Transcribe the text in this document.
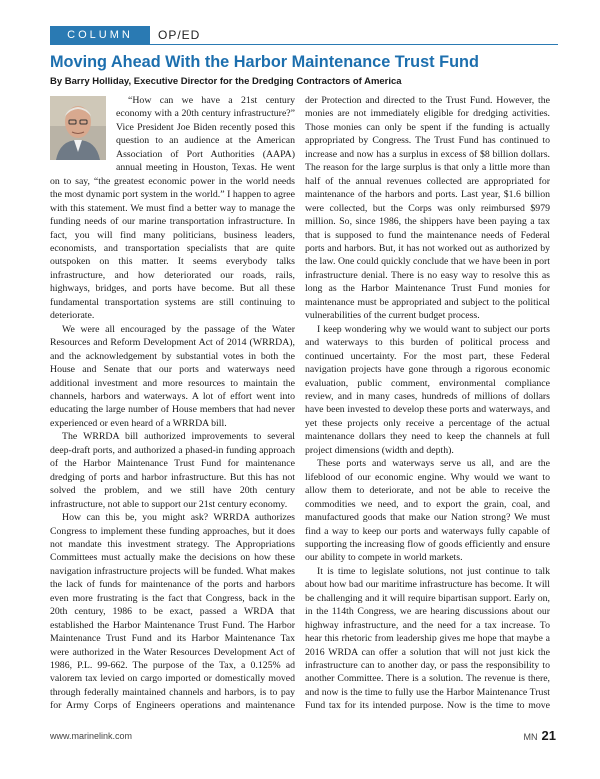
COLUMN	OP/ED
Moving Ahead With the Harbor Maintenance Trust Fund
By Barry Holliday, Executive Director for the Dredging Contractors of America

“How can we have a 21st century economy with a 20th century infrastructure?” Vice President Joe Biden recently posed this question to an audience at the American Association of Port Authorities (AAPA) annual meeting in Houston, Texas. He went on to say, “the greatest economic power in the world needs the most dynamic port system in the world.” I happen to agree with this statement. We must find a better way to manage the funding needs of our marine transportation infrastructure. In fact, you will find many politicians, business leaders, economists, and transportation specialists that are quite outspoken on this matter. It seems everybody talks infrastructure, and how deteriorated our roads, rails, highways, bridges, and ports have become. But all these fundamental transportation systems are still continuing to deteriorate.

We were all encouraged by the passage of the Water Resources and Reform Development Act of 2014 (WRRDA), and the acknowledgement by substantial votes in both the House and Senate that our ports and waterways need additional investment and more resources to maintain the channels, harbors and waterways. A lot of effort went into educating the large number of House members that had never experienced or even heard of a WRRDA bill.

The WRRDA bill authorized improvements to several deep-draft ports, and authorized a phased-in funding approach of the Harbor Maintenance Trust Fund for maintenance dredging of ports and harbor infrastructure. But this has not solved the problem, and we still have 20th century infrastructure, not able to support our 21st century economy.

How can this be, you might ask? WRRDA authorizes Congress to implement these funding approaches, but it does not mandate this investment strategy. The Appropriations Committees must actually make the decisions on how these navigation infrastructure projects will be funded. What makes the lack of funds for maintenance of the ports and harbors even more frustrating is the fact that Congress, back in the 20th century, 1986 to be exact, passed a WRDA that established the Harbor Maintenance Trust Fund. The Harbor Maintenance Trust Fund and its Harbor Maintenance Tax were authorized in the Water Resources Development Act of 1986, P.L. 99-662. The purpose of the Tax, a 0.125% ad valorem tax levied on cargo imported or domestically moved through federally maintained channels and harbors, is to pay for Army Corps of Engineers operations and maintenance

der Protection and directed to the Trust Fund. However, the monies are not immediately eligible for dredging activities. Those monies can only be spent if the funding is actually appropriated by Congress. The Trust Fund has continued to increase and now has a surplus in excess of $8 billion dollars. The reason for the large surplus is that only a little more than half of the annual revenues collected are appropriated for maintenance of the harbors and ports. Last year, $1.6 billion were collected, but the Corps was only reimbursed $979 million. So, since 1986, the shippers have been paying a tax that is supposed to fund the maintenance needs of Federal ports and harbors. But, it has not worked out as authorized by the law. One could quickly conclude that we have been in port infrastructure denial. There is no easy way to resolve this as long as the Harbor Maintenance Trust Fund monies for maintenance must be appropriated and subject to the political vulnerabilities of the current budget process.

I keep wondering why we would want to subject our ports and waterways to this burden of political process and continued uncertainty. For the most part, these Federal navigation projects have gone through a rigorous economic evaluation, public comment, environmental compliance review, and in many cases, hundreds of millions of dollars have been invested to develop these ports and waterways, and yet these projects only receive a percentage of the actual maintenance dollars they need to keep the channels at full project dimensions (width and depth).

These ports and waterways serve us all, and are the lifeblood of our economic engine. Why would we want to allow them to deteriorate, and not be able to receive the commodities we need, and to export the grain, coal, and manufactured goods that make our Nation strong? We must find a way to keep our ports and waterways fully capable of supporting the increasing flow of goods efficiently and ensure our ability to compete in world markets.

It is time to legislate solutions, not just continue to talk about how bad our maritime infrastructure has become. It will be challenging and it will require bipartisan support. Early on, in the 114th Congress, we are hearing discussions about our highway infrastructure, and the need for a tax increase. To hear this rhetoric from leadership gives me hope that maybe a 2016 WRDA can offer a solution that will not just kick the infrastructure can to another day, or pass the responsibility to another Committee. There is a solution. The revenue is there, and now is the time to fully use the Harbor Maintenance Trust Fund tax for its intended purpose. Now is the time to move

www.marinelink.com	MN 21
